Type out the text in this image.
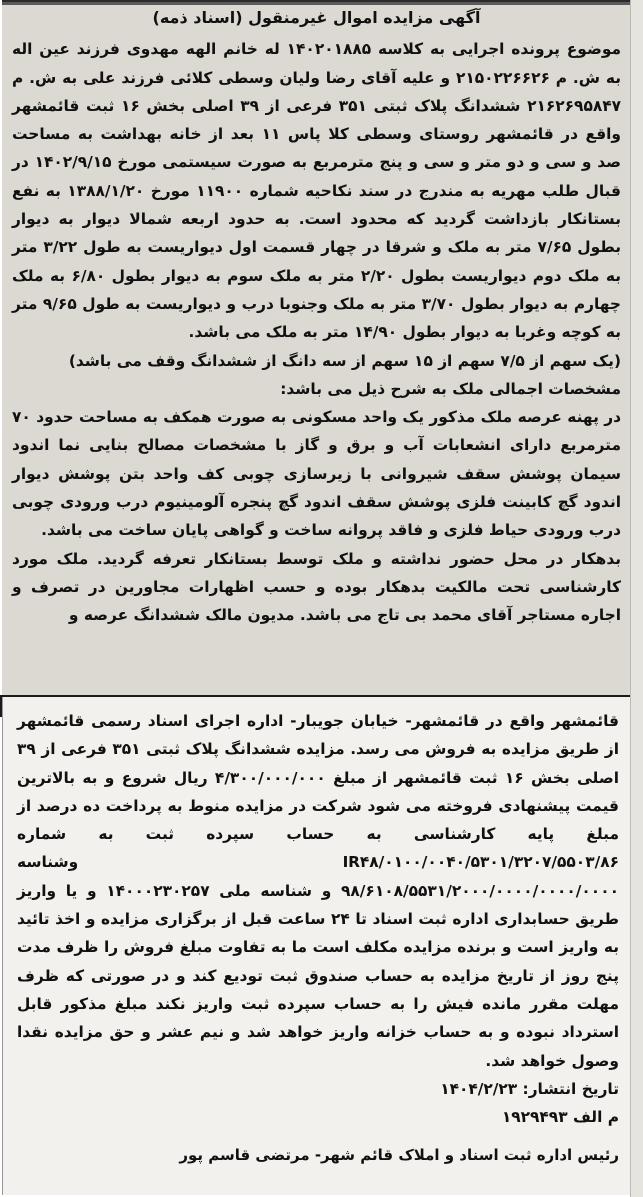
آگهی مزایده اموال غیرمنقول (اسناد ذمه)

موضوع پرونده اجرایی به کلاسه ۱۴۰۲۰۱۸۸۵ له خانم الهه مهدوی فرزند عین اله به ش. م ۲۱۵۰۲۲۶۶۲۶ و علیه آقای رضا ولیان وسطی کلائی فرزند علی به ش. م ۲۱۶۲۶۹۵۸۴۷ ششدانگ پلاک ثبتی ۳۵۱ فرعی از ۳۹ اصلی بخش ۱۶ ثبت قائمشهر واقع در قائمشهر روستای وسطی کلا پاس ۱۱ بعد از خانه بهداشت به مساحت صد و سی و دو متر و سی و پنج مترمربع به صورت سیستمی مورخ ۱۴۰۲/۹/۱۵ در قبال طلب مهریه به مندرج در سند نکاحیه شماره ۱۱۹۰۰ مورخ ۱۳۸۸/۱/۲۰ به نفع بستانکار بازداشت گردید که محدود است. به حدود اربعه شمالا دیوار به دیوار بطول ۷/۶۵ متر به ملک و شرقا در چهار قسمت اول دیواریست به طول ۳/۲۲ متر به ملک دوم دیواریست بطول ۲/۲۰ متر به ملک سوم به دیوار بطول ۶/۸۰ به ملک چهارم به دیوار بطول ۳/۷۰ متر به ملک وجنوبا درب و دیواریست به طول ۹/۶۵ متر به کوچه وغربا به دیوار بطول ۱۴/۹۰ متر به ملک می باشد.

(یک سهم از ۷/۵ سهم از ۱۵ سهم از سه دانگ از ششدانگ وقف می باشد)

مشخصات اجمالی ملک به شرح ذیل می باشد:

در پهنه عرصه ملک مذکور یک واحد مسکونی به صورت همکف به مساحت حدود ۷۰ مترمربع دارای انشعابات آب و برق و گاز با مشخصات مصالح بنایی نما اندود سیمان پوشش سقف شیروانی با زیرسازی چوبی کف واحد بتن پوشش دیوار اندود گچ کابینت فلزی پوشش سقف اندود گچ پنجره آلومینیوم درب ورودی چوبی درب ورودی حیاط فلزی و فاقد پروانه ساخت و گواهی پایان ساخت می باشد.

بدهکار در محل حضور نداشته و ملک توسط بستانکار تعرفه گردید. ملک مورد کارشناسی تحت مالکیت بدهکار بوده و حسب اظهارات مجاورین در تصرف و اجاره مستاجر آقای محمد بی تاج می باشد. مدیون مالک ششدانگ عرصه و

قائمشهر واقع در قائمشهر- خیابان جویبار- اداره اجرای اسناد رسمی قائمشهر از طریق مزایده به فروش می رسد. مزایده ششدانگ پلاک ثبتی ۳۵۱ فرعی از ۳۹ اصلی بخش ۱۶ ثبت قائمشهر از مبلغ ۴/۳۰۰/۰۰۰/۰۰۰ ریال شروع و به بالاترین قیمت پیشنهادی فروخته می شود شرکت در مزایده منوط به پرداخت ده درصد از مبلغ پایه کارشناسی به حساب سپرده ثبت به شماره IR۴۸/۰۱۰۰/۰۰۴۰/۵۳۰۱/۳۲۰۷/۵۵۰۳/۸۶ وشناسه ۹۸/۶۱۰۸/۵۵۳۱/۲۰۰۰/۰۰۰۰/۰۰۰۰/۰۰۰۰ و شناسه ملی ۱۴۰۰۰۲۳۰۲۵۷ و یا واریز طریق حسابداری اداره ثبت اسناد تا ۲۴ ساعت قبل از برگزاری مزایده و اخذ تائید به واریز است و برنده مزایده مکلف است ما به تفاوت مبلغ فروش را ظرف مدت پنج روز از تاریخ مزایده به حساب صندوق ثبت تودیع کند و در صورتی که ظرف مهلت مقرر مانده فیش را به حساب سپرده ثبت واریز نکند مبلغ مذکور قابل استرداد نبوده و به حساب خزانه واریز خواهد شد و نیم عشر و حق مزایده نقدا وصول خواهد شد.

تاریخ انتشار: ۱۴۰۴/۲/۲۳
م الف ۱۹۲۹۴۹۳
رئیس اداره ثبت اسناد و املاک قائم شهر- مرتضی قاسم پور
